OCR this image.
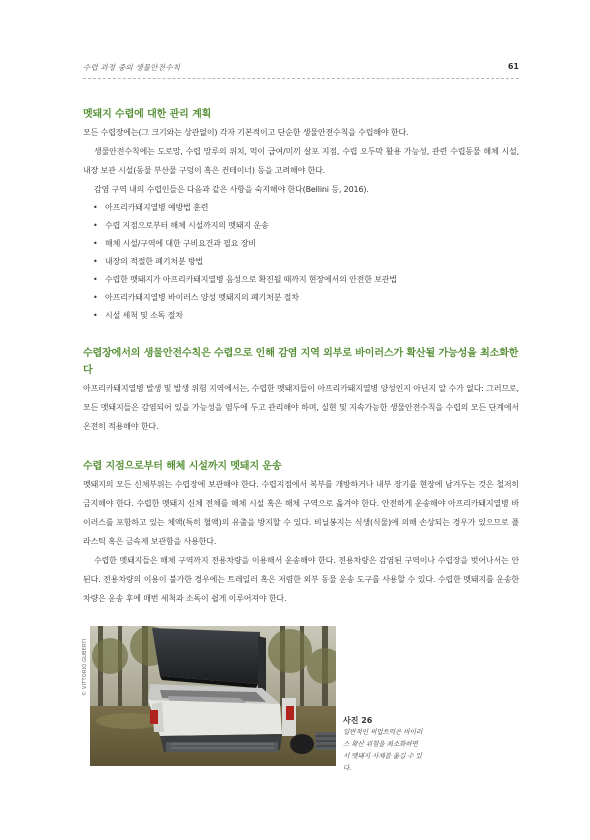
수렵 과정 중의 생물안전수칙	61
멧돼지 수렵에 대한 관리 계획

모든 수렵장에는(그 크기와는 상관없이) 각자 기본적이고 단순한 생물안전수칙을 수립해야 한다.

생물안전수칙에는 도로망, 수렵 망루의 위치, 먹이 급여/미끼 살포 지점, 수렵 오두막 활용 가능성, 관련 수렵동물 해체 시설, 내장 보관 시설(동물 부산물 구덩이 혹은 컨테이너) 등을 고려해야 한다.

감염 구역 내의 수렵인들은 다음과 같은 사항을 숙지해야 한다(Bellini 등, 2016).

• 아프리카돼지열병 예방법 훈련
• 수렵 지점으로부터 해체 시설까지의 멧돼지 운송
• 해체 시설/구역에 대한 구비요건과 필요 장비
• 내장의 적절한 폐기처분 방법
• 수렵한 멧돼지가 아프리카돼지열병 음성으로 확진될 때까지 현장에서의 안전한 보관법
• 아프리카돼지열병 바이러스 양성 멧돼지의 폐기처분 절차
• 시설 세척 및 소독 절차
수렵장에서의 생물안전수칙은 수렵으로 인해 감염 지역 외부로 바이러스가 확산될 가능성을 최소화한다

아프리카돼지열병 발생 및 발생 위험 지역에서는, 수렵한 멧돼지들이 아프리카돼지열병 양성인지 아닌지 알 수가 없다: 그러므로, 모든 멧돼지들은 감염되어 있을 가능성을 염두에 두고 관리해야 하며, 실현 및 지속가능한 생물안전수칙을 수렵의 모든 단계에서 온전히 적용해야 한다.

수렵 지점으로부터 해체 시설까지 멧돼지 운송

멧돼지의 모든 신체부위는 수렵장에 보관해야 한다. 수렵지점에서 복부를 개방하거나 내부 장기를 현장에 남겨두는 것은 철저히 금지해야 한다. 수렵한 멧돼지 신체 전체를 해체 시설 혹은 해체 구역으로 옮겨야 한다. 안전하게 운송해야 아프리카돼지열병 바이러스를 포함하고 있는 체액(특히 혈액)의 유출을 방지할 수 있다. 비닐봉지는 식생(식물)에 의해 손상되는 경우가 있으므로 플라스틱 혹은 금속제 보관함을 사용한다.

수렵한 멧돼지들은 해체 구역까지 전용차량을 이용해서 운송해야 한다. 전용차량은 감염된 구역이나 수렵장을 벗어나서는 안 된다. 전용차량의 이용이 불가한 경우에는 트레일러 혹은 저렴한 외부 동물 운송 도구를 사용할 수 있다. 수렵한 멧돼지를 운송한 차량은 운송 후에 매번 세척과 소독이 쉽게 이루어져야 한다.

© VITTORIO GUBERTI
사진 26
일반적인 픽업트럭은 바이러스 확산 위험을 최소화하면서 멧돼지 사체를 옮길 수 있다.
